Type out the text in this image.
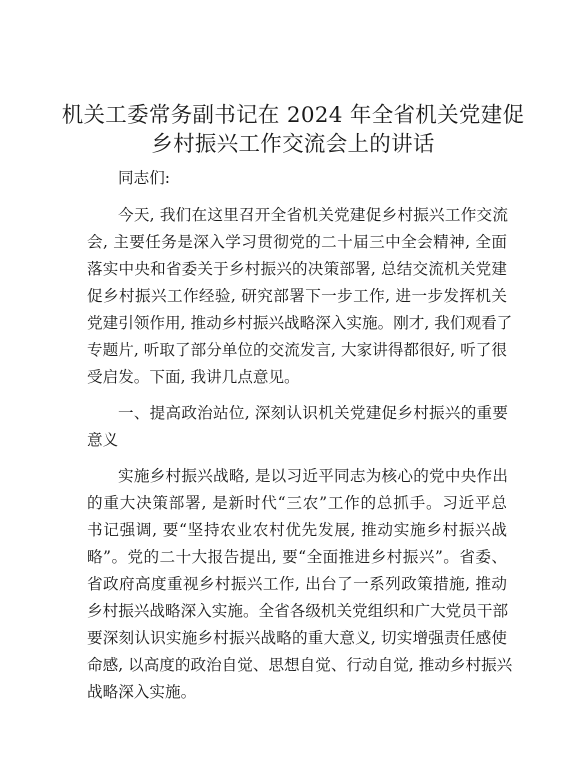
机关工委常务副书记在 2024 年全省机关党建促
乡村振兴工作交流会上的讲话
同志们:
今天, 我们在这里召开全省机关党建促乡村振兴工作交流
会, 主要任务是深入学习贯彻党的二十届三中全会精神, 全面
落实中央和省委关于乡村振兴的决策部署, 总结交流机关党建
促乡村振兴工作经验, 研究部署下一步工作, 进一步发挥机关
党建引领作用, 推动乡村振兴战略深入实施。刚才, 我们观看了
专题片, 听取了部分单位的交流发言, 大家讲得都很好, 听了很
受启发。下面, 我讲几点意见。
一、提高政治站位, 深刻认识机关党建促乡村振兴的重要
意义
实施乡村振兴战略, 是以习近平同志为核心的党中央作出
的重大决策部署, 是新时代“三农”工作的总抓手。习近平总
书记强调, 要“坚持农业农村优先发展, 推动实施乡村振兴战
略”。党的二十大报告提出, 要“全面推进乡村振兴”。省委、
省政府高度重视乡村振兴工作, 出台了一系列政策措施, 推动
乡村振兴战略深入实施。全省各级机关党组织和广大党员干部
要深刻认识实施乡村振兴战略的重大意义, 切实增强责任感使
命感, 以高度的政治自觉、思想自觉、行动自觉, 推动乡村振兴
战略深入实施。
